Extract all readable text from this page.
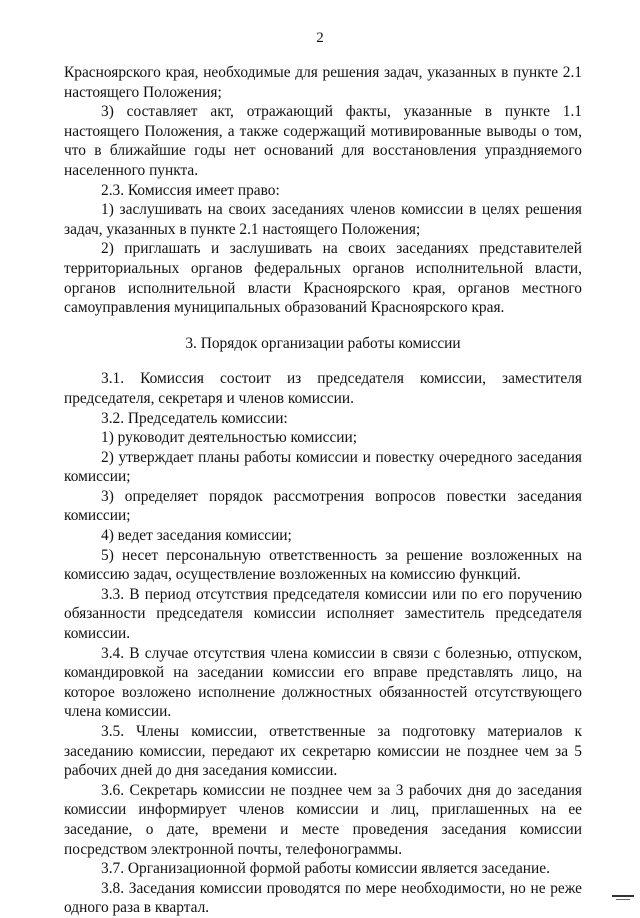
2

Красноярского края, необходимые для решения задач, указанных в пункте 2.1 настоящего Положения;

3) составляет акт, отражающий факты, указанные в пункте 1.1 настоящего Положения, а также содержащий мотивированные выводы о том, что в ближайшие годы нет оснований для восстановления упраздняемого населенного пункта.

2.3. Комиссия имеет право:

1) заслушивать на своих заседаниях членов комиссии в целях решения задач, указанных в пункте 2.1 настоящего Положения;

2) приглашать и заслушивать на своих заседаниях представителей территориальных органов федеральных органов исполнительной власти, органов исполнительной власти Красноярского края, органов местного самоуправления муниципальных образований Красноярского края.

3. Порядок организации работы комиссии

3.1. Комиссия состоит из председателя комиссии, заместителя председателя, секретаря и членов комиссии.

3.2. Председатель комиссии:

1) руководит деятельностью комиссии;

2) утверждает планы работы комиссии и повестку очередного заседания комиссии;

3) определяет порядок рассмотрения вопросов повестки заседания комиссии;

4) ведет заседания комиссии;

5) несет персональную ответственность за решение возложенных на комиссию задач, осуществление возложенных на комиссию функций.

3.3. В период отсутствия председателя комиссии или по его поручению обязанности председателя комиссии исполняет заместитель председателя комиссии.

3.4. В случае отсутствия члена комиссии в связи с болезнью, отпуском, командировкой на заседании комиссии его вправе представлять лицо, на которое возложено исполнение должностных обязанностей отсутствующего члена комиссии.

3.5. Члены комиссии, ответственные за подготовку материалов к заседанию комиссии, передают их секретарю комиссии не позднее чем за 5 рабочих дней до дня заседания комиссии.

3.6. Секретарь комиссии не позднее чем за 3 рабочих дня до заседания комиссии информирует членов комиссии и лиц, приглашенных на ее заседание, о дате, времени и месте проведения заседания комиссии посредством электронной почты, телефонограммы.

3.7. Организационной формой работы комиссии является заседание.

3.8. Заседания комиссии проводятся по мере необходимости, но не реже одного раза в квартал.
